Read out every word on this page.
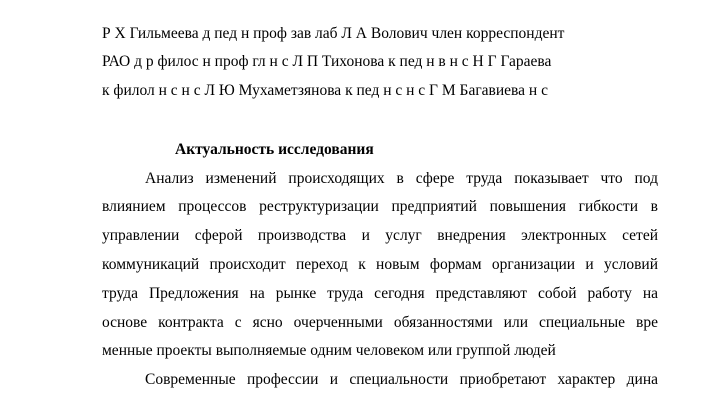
Р Х Гильмеева д пед н проф зав лаб Л А Волович член корреспондент
РАО д р филос н проф гл н с Л П Тихонова к пед н в н с Н Г Гараева
к филол н с н с Л Ю Мухаметзянова к пед н с н с Г М Багавиева н с
Актуальность исследования
Анализ изменений происходящих в сфере труда показывает что под
влиянием процессов реструктуризации предприятий повышения гибкости в
управлении сферой производства и услуг внедрения электронных сетей
коммуникаций происходит переход к новым формам организации и условий
труда Предложения на рынке труда сегодня представляют собой работу на
основе контракта с ясно очерченными обязанностями или специальные вре
менные проекты выполняемые одним человеком или группой людей
Современные профессии и специальности приобретают характер дина
